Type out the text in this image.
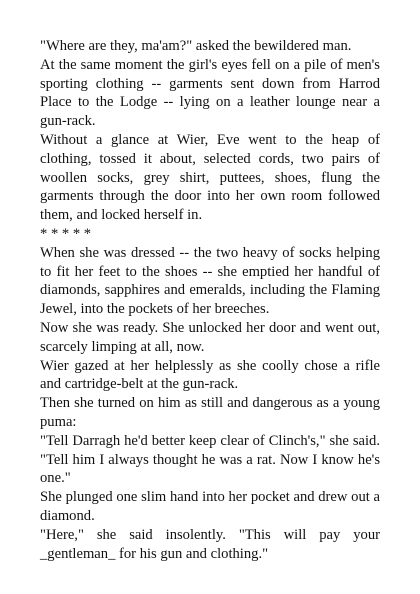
"Where are they, ma'am?" asked the bewildered man.

At the same moment the girl's eyes fell on a pile of men's sporting clothing -- garments sent down from Harrod Place to the Lodge -- lying on a leather lounge near a gun-rack.

Without a glance at Wier, Eve went to the heap of clothing, tossed it about, selected cords, two pairs of woollen socks, grey shirt, puttees, shoes, flung the garments through the door into her own room followed them, and locked herself in.

* * * * *

When she was dressed -- the two heavy of socks helping to fit her feet to the shoes -- she emptied her handful of diamonds, sapphires and emeralds, including the Flaming Jewel, into the pockets of her breeches.

Now she was ready. She unlocked her door and went out, scarcely limping at all, now.

Wier gazed at her helplessly as she coolly chose a rifle and cartridge-belt at the gun-rack.

Then she turned on him as still and dangerous as a young puma:

"Tell Darragh he'd better keep clear of Clinch's," she said. "Tell him I always thought he was a rat. Now I know he's one."

She plunged one slim hand into her pocket and drew out a diamond.

"Here," she said insolently. "This will pay your _gentleman_ for his gun and clothing."
